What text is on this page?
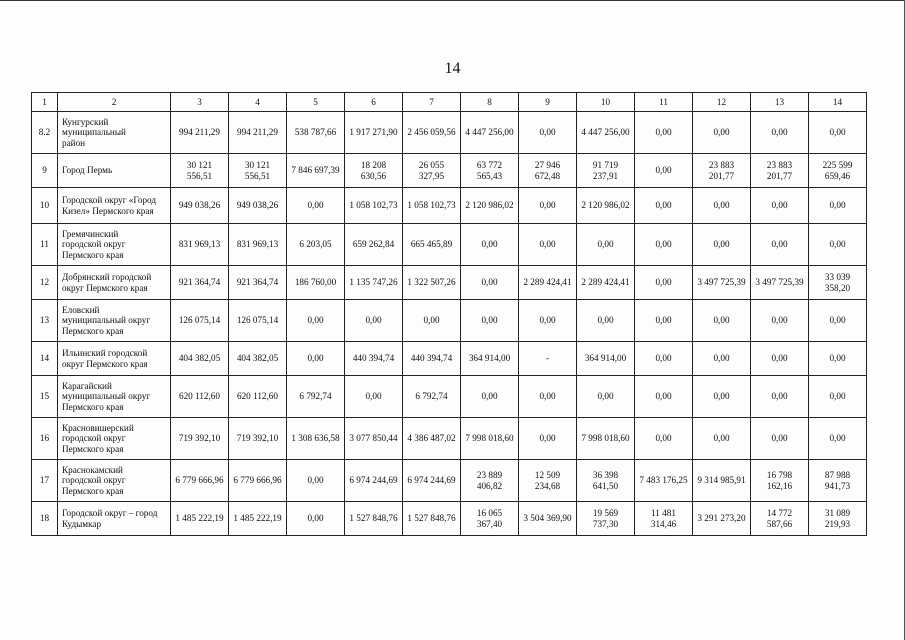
14
1	2	3	4	5	6	7	8	9	10	11	12	13	14
8.2	Кунгурский
муниципальный
район	994 211,29	994 211,29	538 787,66	1 917 271,90	2 456 059,56	4 447 256,00	0,00	4 447 256,00	0,00	0,00	0,00	0,00
9	Город Пермь	30 121
556,51	30 121
556,51	7 846 697,39	18 208
630,56	26 055
327,95	63 772
565,43	27 946
672,48	91 719
237,91	0,00	23 883
201,77	23 883
201,77	225 599
659,46
10	Городской округ «Город
Кизел» Пермского края	949 038,26	949 038,26	0,00	1 058 102,73	1 058 102,73	2 120 986,02	0,00	2 120 986,02	0,00	0,00	0,00	0,00
11	Гремячинский
городской округ
Пермского края	831 969,13	831 969,13	6 203,05	659 262,84	665 465,89	0,00	0,00	0,00	0,00	0,00	0,00	0,00
12	Добрянский городской
округ Пермского края	921 364,74	921 364,74	186 760,00	1 135 747,26	1 322 507,26	0,00	2 289 424,41	2 289 424,41	0,00	3 497 725,39	3 497 725,39	33 039
358,20
13	Еловский
муниципальный округ
Пермского края	126 075,14	126 075,14	0,00	0,00	0,00	0,00	0,00	0,00	0,00	0,00	0,00	0,00
14	Ильинский городской
округ Пермского края	404 382,05	404 382,05	0,00	440 394,74	440 394,74	364 914,00	-	364 914,00	0,00	0,00	0,00	0,00
15	Карагайский
муниципальный округ
Пермского края	620 112,60	620 112,60	6 792,74	0,00	6 792,74	0,00	0,00	0,00	0,00	0,00	0,00	0,00
16	Красновишерский
городской округ
Пермского края	719 392,10	719 392,10	1 308 636,58	3 077 850,44	4 386 487,02	7 998 018,60	0,00	7 998 018,60	0,00	0,00	0,00	0,00
17	Краснокамский
городской округ
Пермского края	6 779 666,96	6 779 666,96	0,00	6 974 244,69	6 974 244,69	23 889
406,82	12 509
234,68	36 398
641,50	7 483 176,25	9 314 985,91	16 798
162,16	87 988
941,73
18	Городской округ – город
Кудымкар	1 485 222,19	1 485 222,19	0,00	1 527 848,76	1 527 848,76	16 065
367,40	3 504 369,90	19 569
737,30	11 481
314,46	3 291 273,20	14 772
587,66	31 089
219,93
